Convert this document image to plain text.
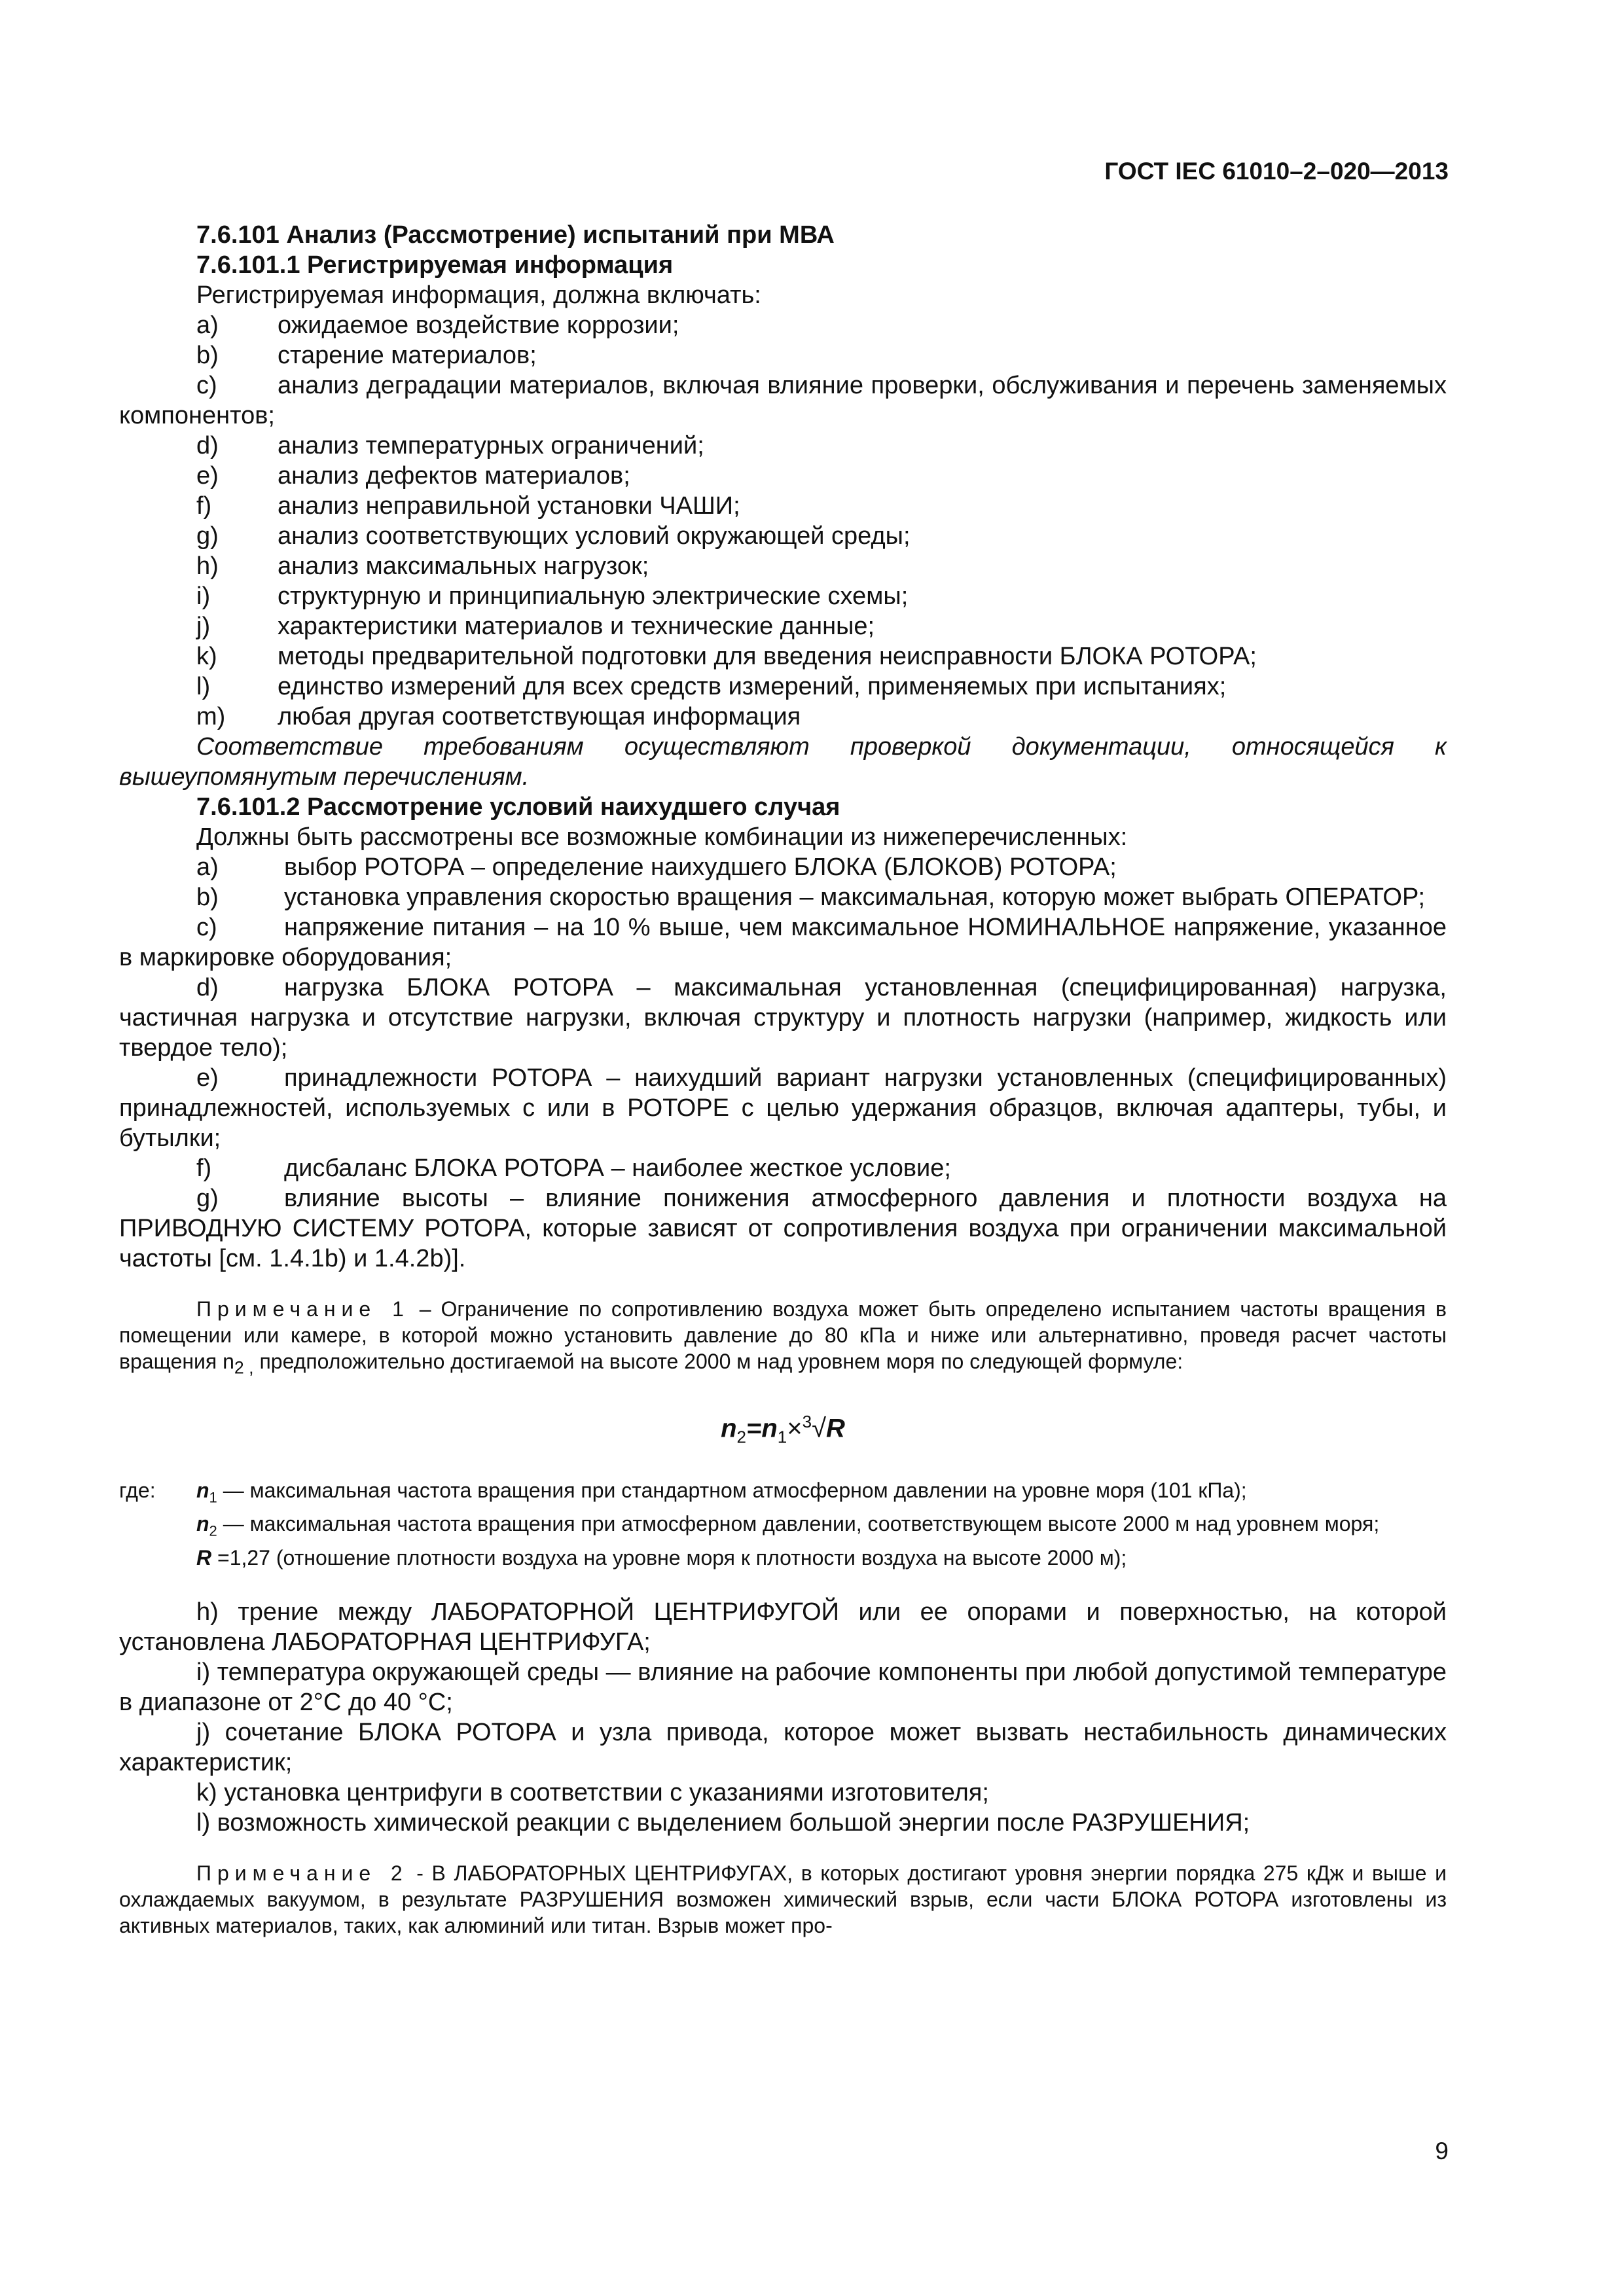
ГОСТ IEC 61010–2–020—2013

7.6.101 Анализ (Рассмотрение) испытаний при МВА

7.6.101.1 Регистрируемая информация

Регистрируемая информация, должна включать:

a)	ожидаемое воздействие коррозии;
b)	старение материалов;

c) анализ деградации материалов, включая влияние проверки, обслуживания и перечень заменяемых компонентов;

d)	анализ температурных ограничений;
e)	анализ дефектов материалов;
f)	анализ неправильной установки ЧАШИ;
g)	анализ соответствующих условий окружающей среды;
h)	анализ максимальных нагрузок;
i)	структурную и принципиальную электрические схемы;
j)	характеристики материалов и технические данные;
k)	методы предварительной подготовки для введения неисправности БЛОКА РОТОРА;
l)	единство измерений для всех средств измерений, применяемых при испытаниях;
m)	любая другая соответствующая информация

Соответствие требованиям осуществляют проверкой документации, относящейся к вышеупомянутым перечислениям.

7.6.101.2 Рассмотрение условий наихудшего случая

Должны быть рассмотрены все возможные комбинации из нижеперечисленных:

a)	выбор РОТОРА – определение наихудшего БЛОКА (БЛОКОВ) РОТОРА;

b)	установка управления скоростью вращения – максимальная, которую может выбрать ОПЕРАТОР;

c)	напряжение питания – на 10 % выше, чем максимальное НОМИНАЛЬНОЕ напряжение, указанное в маркировке оборудования;

d)	нагрузка БЛОКА РОТОРА – максимальная установленная (специфицированная) нагрузка, частичная нагрузка и отсутствие нагрузки, включая структуру и плотность нагрузки (например, жидкость или твердое тело);

e)	принадлежности РОТОРА – наихудший вариант нагрузки установленных (специфицированных) принадлежностей, используемых с или в РОТОРЕ с целью удержания образцов, включая адаптеры, тубы, и бутылки;

f)	дисбаланс БЛОКА РОТОРА – наиболее жесткое условие;

g)	влияние высоты – влияние понижения атмосферного давления и плотности воздуха на ПРИВОДНУЮ СИСТЕМУ РОТОРА, которые зависят от сопротивления воздуха при ограничении максимальной частоты [см. 1.4.1b) и 1.4.2b)].

Примечание 1 – Ограничение по сопротивлению воздуха может быть определено испытанием частоты вращения в помещении или камере, в которой можно установить давление до 80 кПа и ниже или альтернативно, проведя расчет частоты вращения $n_{2 ,}$ предположительно достигаемой на высоте 2000 м над уровнем моря по следующей формуле:

$n_2=n_1\times^3√R$
где:	$n_1$ — максимальная частота вращения при стандартном атмосферном давлении на уровне моря (101 кПа);

$n_2$ — максимальная частота вращения при атмосферном давлении, соответствующем высоте 2000 м над уровнем моря;

R =1,27 (отношение плотности воздуха на уровне моря к плотности воздуха на высоте 2000 м);

h) трение между ЛАБОРАТОРНОЙ ЦЕНТРИФУГОЙ или ее опорами и поверхностью, на которой установлена ЛАБОРАТОРНАЯ ЦЕНТРИФУГА;

i) температура окружающей среды — влияние на рабочие компоненты при любой допустимой температуре в диапазоне от 2°С до 40 °С;

j) сочетание БЛОКА РОТОРА и узла привода, которое может вызвать нестабильность динамических характеристик;

k) установка центрифуги в соответствии с указаниями изготовителя;

l) возможность химической реакции с выделением большой энергии после РАЗРУШЕНИЯ;

Примечание 2 - В ЛАБОРАТОРНЫХ ЦЕНТРИФУГАХ, в которых достигают уровня энергии порядка 275 кДж и выше и охлаждаемых вакуумом, в результате РАЗРУШЕНИЯ возможен химический взрыв, если части БЛОКА РОТОРА изготовлены из активных материалов, таких, как алюминий или титан. Взрыв может про-

9
